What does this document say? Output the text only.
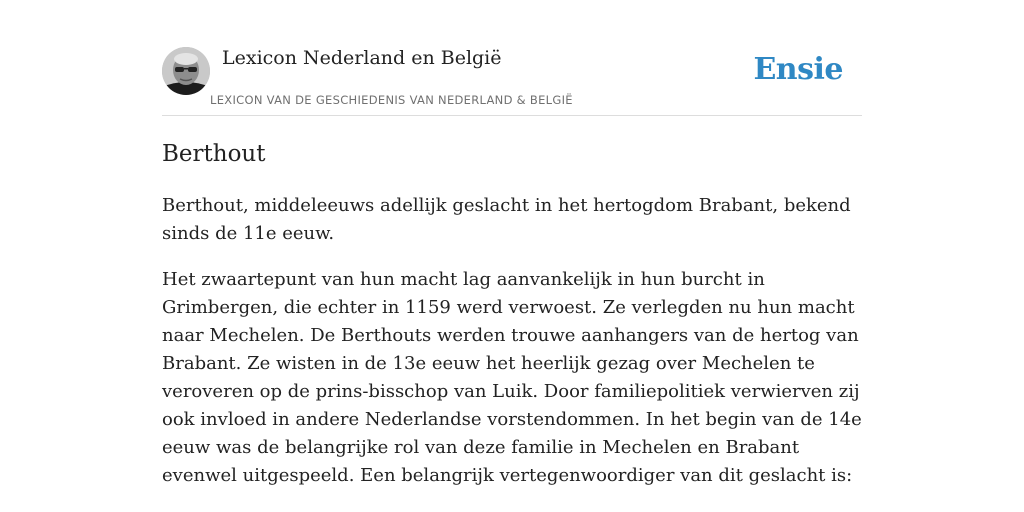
Lexicon Nederland en België
LEXICON VAN DE GESCHIEDENIS VAN NEDERLAND & BELGIË
Ensie
Berthout

Berthout, middeleeuws adellijk geslacht in het hertogdom Brabant, bekend sinds de 11e eeuw.

Het zwaartepunt van hun macht lag aanvankelijk in hun burcht in Grimbergen, die echter in 1159 werd verwoest. Ze verlegden nu hun macht naar Mechelen. De Berthouts werden trouwe aanhangers van de hertog van Brabant. Ze wisten in de 13e eeuw het heerlijk gezag over Mechelen te veroveren op de prins-bisschop van Luik. Door familiepolitiek verwierven zij ook invloed in andere Nederlandse vorstendommen. In het begin van de 14e eeuw was de belangrijke rol van deze familie in Mechelen en Brabant evenwel uitgespeeld. Een belangrijk vertegenwoordiger van dit geslacht is:
